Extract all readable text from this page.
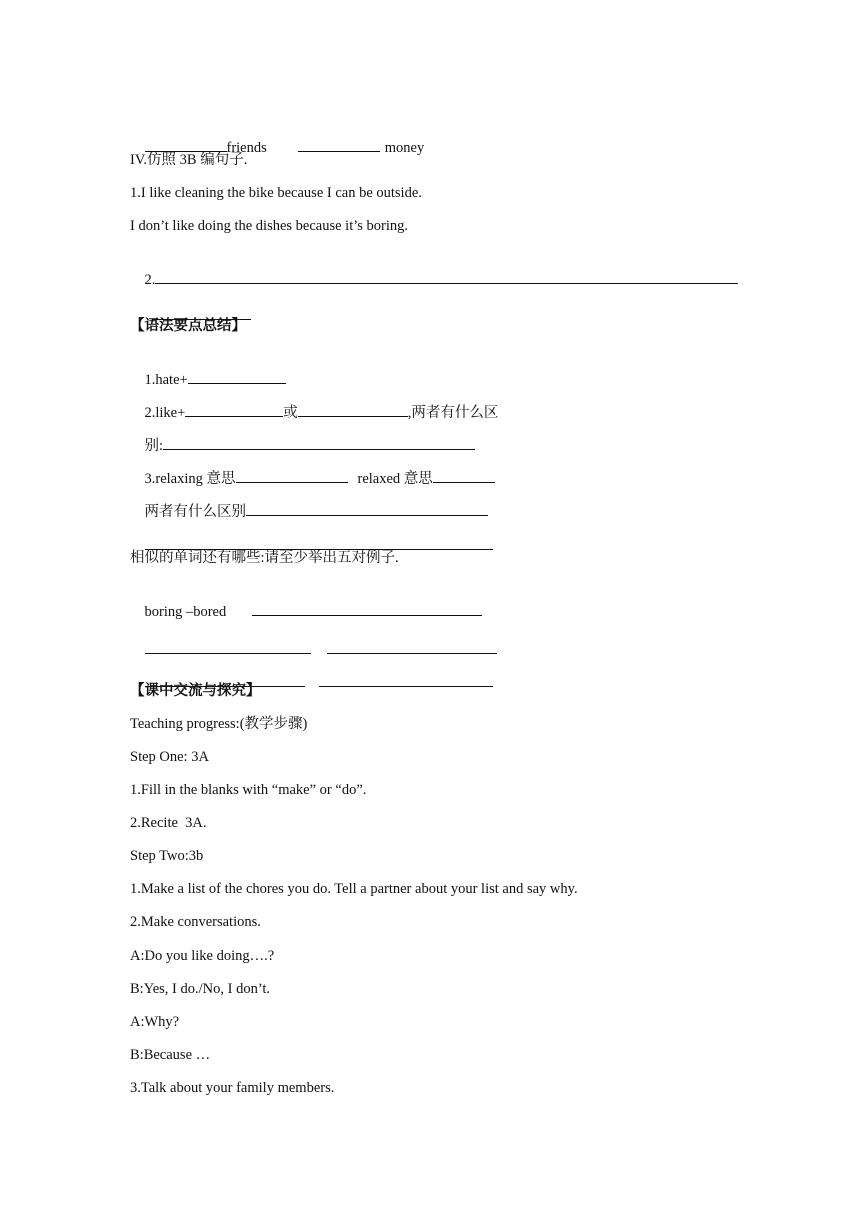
friends	money

IV.仿照 3B 编句子.
1.I like cleaning the bike because I can be outside.
I don’t like doing the dishes because it’s boring.

2.

【语法要点总结】

1.hate+

2.like+	或	,两者有什么区

别:

3.relaxing 意思	relaxed 意思

两者有什么区别

相似的单词还有哪些:请至少举出五对例子.

boring –bored

【课中交流与探究】
Teaching progress:(教学步骤)
Step One: 3A
1.Fill in the blanks with “make” or “do”.
2.Recite  3A.
Step Two:3b
1.Make a list of the chores you do. Tell a partner about your list and say why.
2.Make conversations.
A:Do you like doing….?
B:Yes, I do./No, I don’t.
A:Why?
B:Because …
3.Talk about your family members.
